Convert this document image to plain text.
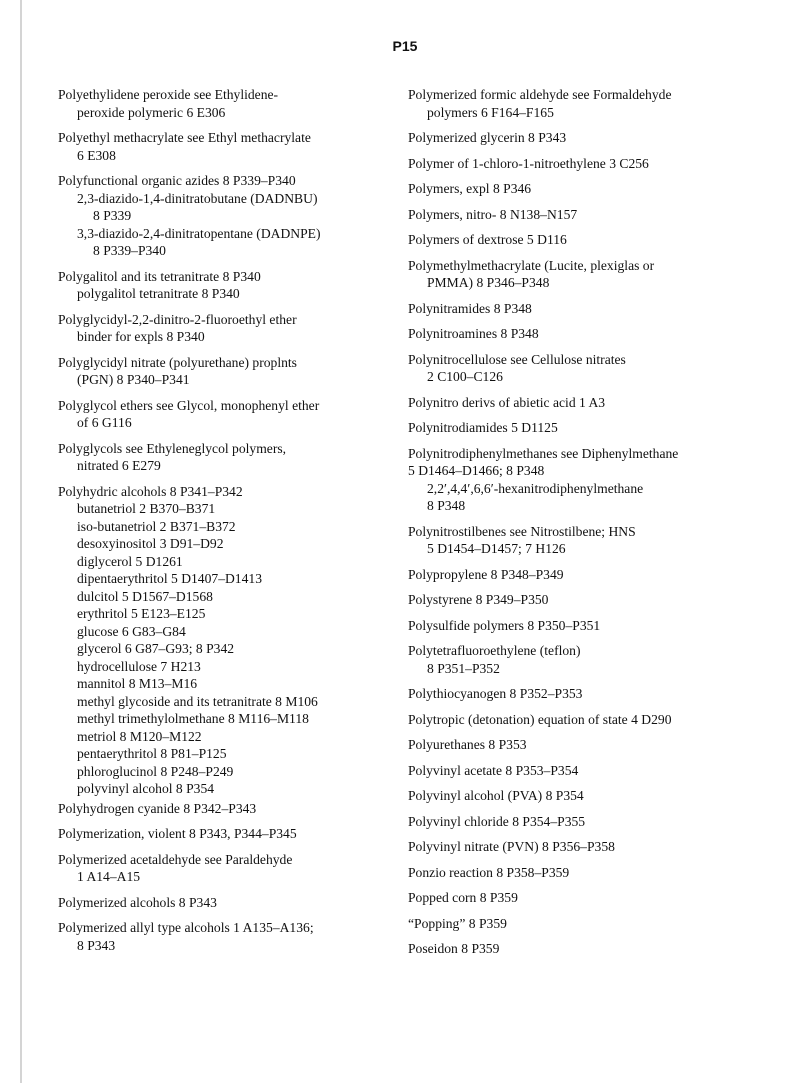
P15
Polyethylidene peroxide see Ethylidene-
peroxide polymeric 6 E306
Polyethyl methacrylate see Ethyl methacrylate
6 E308
Polyfunctional organic azides 8 P339–P340
2,3-diazido-1,4-dinitratobutane (DADNBU)
8 P339
3,3-diazido-2,4-dinitratopentane (DADNPE)
8 P339–P340
Polygalitol and its tetranitrate 8 P340
polygalitol tetranitrate 8 P340
Polyglycidyl-2,2-dinitro-2-fluoroethyl ether
binder for expls 8 P340
Polyglycidyl nitrate (polyurethane) proplnts
(PGN) 8 P340–P341
Polyglycol ethers see Glycol, monophenyl ether
of 6 G116
Polyglycols see Ethyleneglycol polymers,
nitrated 6 E279
Polyhydric alcohols 8 P341–P342
butanetriol 2 B370–B371
iso-butanetriol 2 B371–B372
desoxyinositol 3 D91–D92
diglycerol 5 D1261
dipentaerythritol 5 D1407–D1413
dulcitol 5 D1567–D1568
erythritol 5 E123–E125
glucose 6 G83–G84
glycerol 6 G87–G93; 8 P342
hydrocellulose 7 H213
mannitol 8 M13–M16
methyl glycoside and its tetranitrate 8 M106
methyl trimethylolmethane 8 M116–M118
metriol 8 M120–M122
pentaerythritol 8 P81–P125
phloroglucinol 8 P248–P249
polyvinyl alcohol 8 P354
Polyhydrogen cyanide 8 P342–P343
Polymerization, violent 8 P343, P344–P345
Polymerized acetaldehyde see Paraldehyde
1 A14–A15
Polymerized alcohols 8 P343
Polymerized allyl type alcohols 1 A135–A136;
8 P343
Polymerized formic aldehyde see Formaldehyde
polymers 6 F164–F165
Polymerized glycerin 8 P343
Polymer of 1-chloro-1-nitroethylene 3 C256
Polymers, expl 8 P346
Polymers, nitro- 8 N138–N157
Polymers of dextrose 5 D116
Polymethylmethacrylate (Lucite, plexiglas or
PMMA) 8 P346–P348
Polynitramides 8 P348
Polynitroamines 8 P348
Polynitrocellulose see Cellulose nitrates
2 C100–C126
Polynitro derivs of abietic acid 1 A3
Polynitrodiamides 5 D1125
Polynitrodiphenylmethanes see Diphenylmethane
5 D1464–D1466; 8 P348
2,2′,4,4′,6,6′-hexanitrodiphenylmethane
8 P348
Polynitrostilbenes see Nitrostilbene; HNS
5 D1454–D1457; 7 H126
Polypropylene 8 P348–P349
Polystyrene 8 P349–P350
Polysulfide polymers 8 P350–P351
Polytetrafluoroethylene (teflon)
8 P351–P352
Polythiocyanogen 8 P352–P353
Polytropic (detonation) equation of state 4 D290
Polyurethanes 8 P353
Polyvinyl acetate 8 P353–P354
Polyvinyl alcohol (PVA) 8 P354
Polyvinyl chloride 8 P354–P355
Polyvinyl nitrate (PVN) 8 P356–P358
Ponzio reaction 8 P358–P359
Popped corn 8 P359
“Popping” 8 P359
Poseidon 8 P359
